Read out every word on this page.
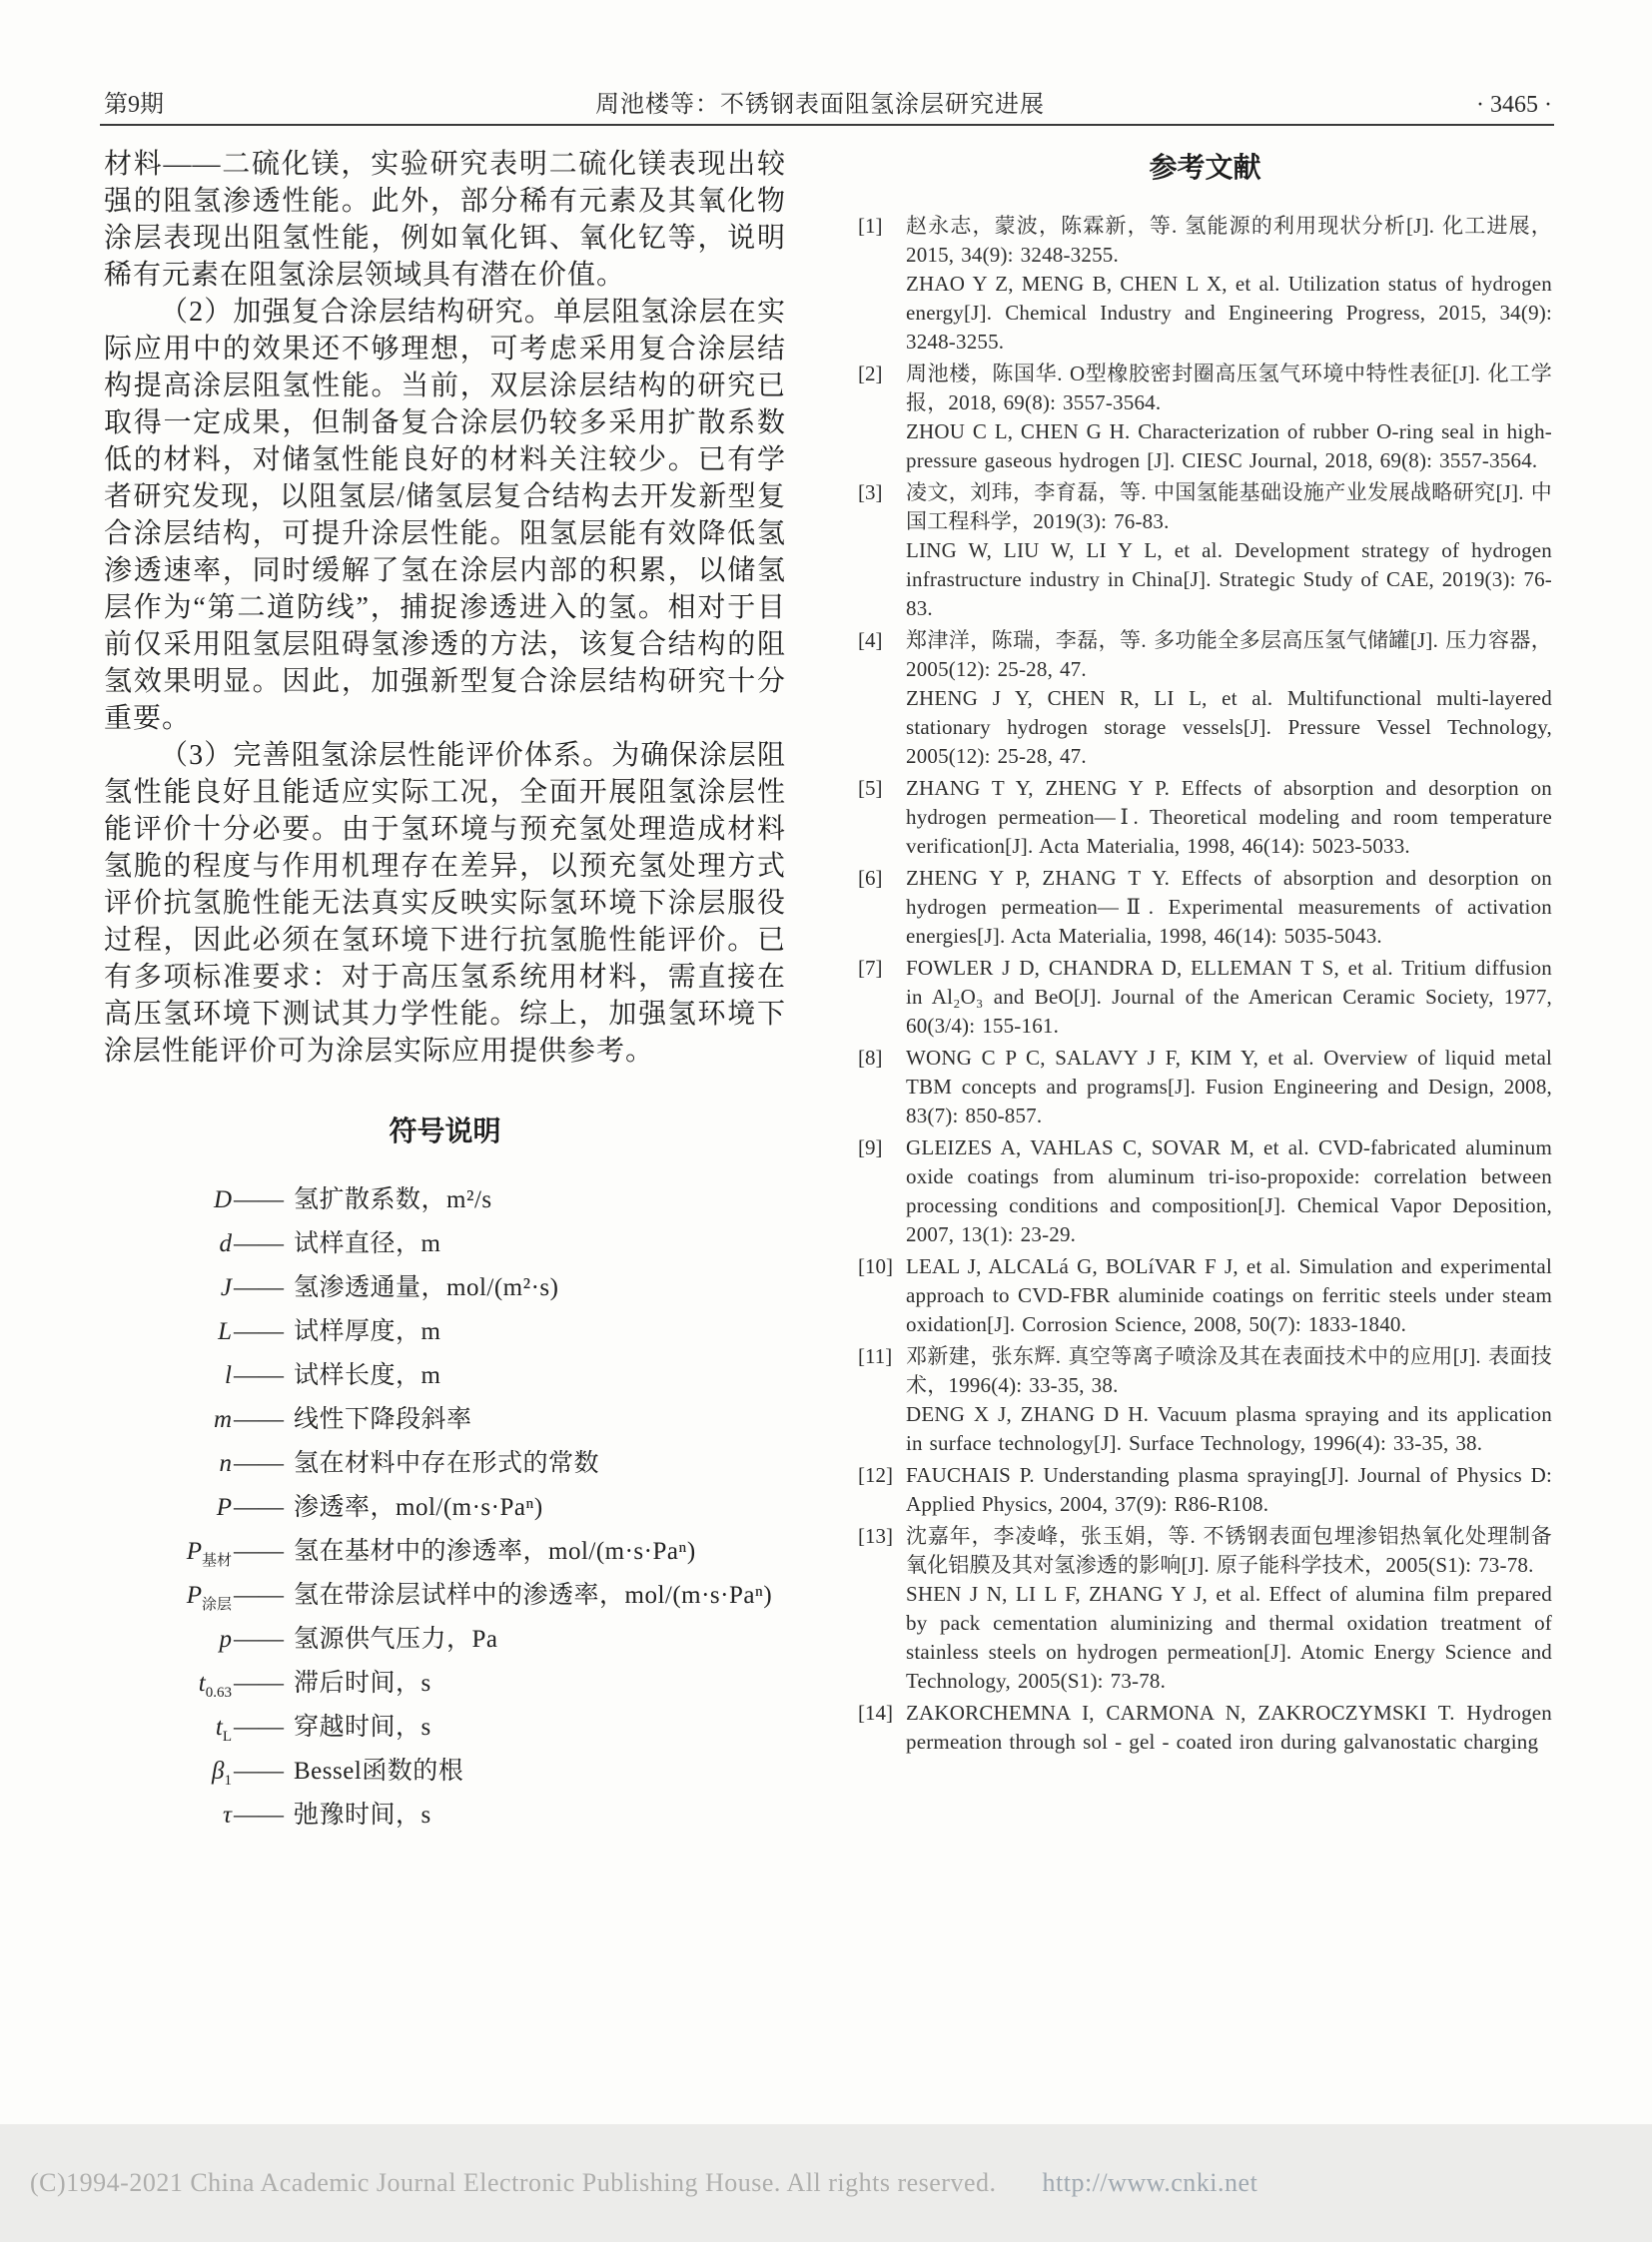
第9期	周池楼等：不锈钢表面阻氢涂层研究进展	· 3465 ·

材料——二硫化镁，实验研究表明二硫化镁表现出较强的阻氢渗透性能。此外，部分稀有元素及其氧化物涂层表现出阻氢性能，例如氧化铒、氧化钇等，说明稀有元素在阻氢涂层领域具有潜在价值。

（2）加强复合涂层结构研究。单层阻氢涂层在实际应用中的效果还不够理想，可考虑采用复合涂层结构提高涂层阻氢性能。当前，双层涂层结构的研究已取得一定成果，但制备复合涂层仍较多采用扩散系数低的材料，对储氢性能良好的材料关注较少。已有学者研究发现，以阻氢层/储氢层复合结构去开发新型复合涂层结构，可提升涂层性能。阻氢层能有效降低氢渗透速率，同时缓解了氢在涂层内部的积累，以储氢层作为“第二道防线”，捕捉渗透进入的氢。相对于目前仅采用阻氢层阻碍氢渗透的方法，该复合结构的阻氢效果明显。因此，加强新型复合涂层结构研究十分重要。

（3）完善阻氢涂层性能评价体系。为确保涂层阻氢性能良好且能适应实际工况，全面开展阻氢涂层性能评价十分必要。由于氢环境与预充氢处理造成材料氢脆的程度与作用机理存在差异，以预充氢处理方式评价抗氢脆性能无法真实反映实际氢环境下涂层服役过程，因此必须在氢环境下进行抗氢脆性能评价。已有多项标准要求：对于高压氢系统用材料，需直接在高压氢环境下测试其力学性能。综上，加强氢环境下涂层性能评价可为涂层实际应用提供参考。

符号说明
D —— 氢扩散系数，m²/s
d —— 试样直径，m
J —— 氢渗透通量，mol/(m²·s)
L —— 试样厚度，m
l —— 试样长度，m
m —— 线性下降段斜率
n —— 氢在材料中存在形式的常数
P —— 渗透率，mol/(m·s·Paⁿ)
$P_{基材}$ —— 氢在基材中的渗透率，mol/(m·s·Paⁿ)
$P_{涂层}$ —— 氢在带涂层试样中的渗透率，mol/(m·s·Paⁿ)
p —— 氢源供气压力，Pa
$t_{0.63}$ —— 滞后时间，s
$t_L$ —— 穿越时间，s
$\beta_1$ —— Bessel函数的根
τ —— 弛豫时间，s
参考文献
[1]	赵永志，蒙波，陈霖新，等. 氢能源的利用现状分析[J]. 化工进展，2015, 34(9): 3248-3255.

ZHAO Y Z, MENG B, CHEN L X, et al. Utilization status of hydrogen energy[J]. Chemical Industry and Engineering Progress, 2015, 34(9): 3248-3255.

[2]	周池楼，陈国华. O型橡胶密封圈高压氢气环境中特性表征[J]. 化工学报，2018, 69(8): 3557-3564.

ZHOU C L, CHEN G H. Characterization of rubber O-ring seal in high-pressure gaseous hydrogen [J]. CIESC Journal, 2018, 69(8): 3557-3564.

[3]	凌文，刘玮，李育磊，等. 中国氢能基础设施产业发展战略研究[J]. 中国工程科学，2019(3): 76-83.

LING W, LIU W, LI Y L, et al. Development strategy of hydrogen infrastructure industry in China[J]. Strategic Study of CAE, 2019(3): 76-83.

[4]	郑津洋，陈瑞，李磊，等. 多功能全多层高压氢气储罐[J]. 压力容器，2005(12): 25-28, 47.

ZHENG J Y, CHEN R, LI L, et al. Multifunctional multi-layered stationary hydrogen storage vessels[J]. Pressure Vessel Technology, 2005(12): 25-28, 47.

[5]	ZHANG T Y, ZHENG Y P. Effects of absorption and desorption on hydrogen permeation—Ⅰ. Theoretical modeling and room temperature verification[J]. Acta Materialia, 1998, 46(14): 5023-5033.

[6]	ZHENG Y P, ZHANG T Y. Effects of absorption and desorption on hydrogen permeation—Ⅱ. Experimental measurements of activation energies[J]. Acta Materialia, 1998, 46(14): 5035-5043.

[7]	FOWLER J D, CHANDRA D, ELLEMAN T S, et al. Tritium diffusion in Al₂O₃ and BeO[J]. Journal of the American Ceramic Society, 1977, 60(3/4): 155-161.

[8]	WONG C P C, SALAVY J F, KIM Y, et al. Overview of liquid metal TBM concepts and programs[J]. Fusion Engineering and Design, 2008, 83(7): 850-857.

[9]	GLEIZES A, VAHLAS C, SOVAR M, et al. CVD-fabricated aluminum oxide coatings from aluminum tri-iso-propoxide: correlation between processing conditions and composition[J]. Chemical Vapor Deposition, 2007, 13(1): 23-29.

[10] LEAL J, ALCALá G, BOLíVAR F J, et al. Simulation and experimental approach to CVD-FBR aluminide coatings on ferritic steels under steam oxidation[J]. Corrosion Science, 2008, 50(7): 1833-1840.

[11] 邓新建，张东辉. 真空等离子喷涂及其在表面技术中的应用[J]. 表面技术，1996(4): 33-35, 38.

DENG X J, ZHANG D H. Vacuum plasma spraying and its application in surface technology[J]. Surface Technology, 1996(4): 33-35, 38.

[12] FAUCHAIS P. Understanding plasma spraying[J]. Journal of Physics D: Applied Physics, 2004, 37(9): R86-R108.

[13] 沈嘉年，李凌峰，张玉娟，等. 不锈钢表面包埋渗铝热氧化处理制备氧化铝膜及其对氢渗透的影响[J]. 原子能科学技术，2005(S1): 73-78.

SHEN J N, LI L F, ZHANG Y J, et al. Effect of alumina film prepared by pack cementation aluminizing and thermal oxidation treatment of stainless steels on hydrogen permeation[J]. Atomic Energy Science and Technology, 2005(S1): 73-78.

[14] ZAKORCHEMNA I, CARMONA N, ZAKROCZYMSKI T. Hydrogen permeation through sol - gel - coated iron during galvanostatic charging

(C)1994-2021 China Academic Journal Electronic Publishing House. All rights reserved. http://www.cnki.net
